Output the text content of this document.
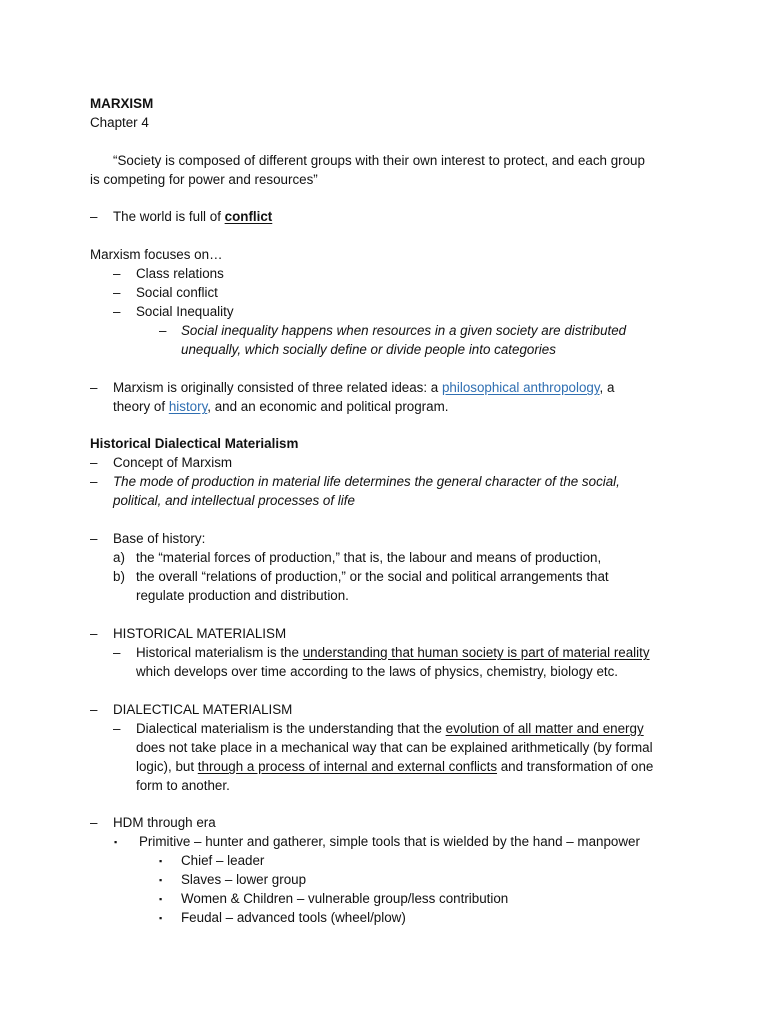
MARXISM
Chapter 4
“Society is composed of different groups with their own interest to protect, and each group
is competing for power and resources”
– The world is full of conflict
Marxism focuses on…
– Class relations
– Social conflict
– Social Inequality
– Social inequality happens when resources in a given society are distributed
unequally, which socially define or divide people into categories
– Marxism is originally consisted of three related ideas: a philosophical anthropology, a
theory of history, and an economic and political program.
Historical Dialectical Materialism
– Concept of Marxism
– The mode of production in material life determines the general character of the social,
political, and intellectual processes of life
– Base of history:
a) the “material forces of production,” that is, the labour and means of production,
b) the overall “relations of production,” or the social and political arrangements that
regulate production and distribution.
– HISTORICAL MATERIALISM
– Historical materialism is the understanding that human society is part of material reality
which develops over time according to the laws of physics, chemistry, biology etc.
– DIALECTICAL MATERIALISM
– Dialectical materialism is the understanding that the evolution of all matter and energy
does not take place in a mechanical way that can be explained arithmetically (by formal
logic), but through a process of internal and external conflicts and transformation of one
form to another.
– HDM through era
▪ Primitive – hunter and gatherer, simple tools that is wielded by the hand – manpower
▪ Chief – leader
▪ Slaves – lower group
▪ Women & Children – vulnerable group/less contribution
▪ Feudal – advanced tools (wheel/plow)
